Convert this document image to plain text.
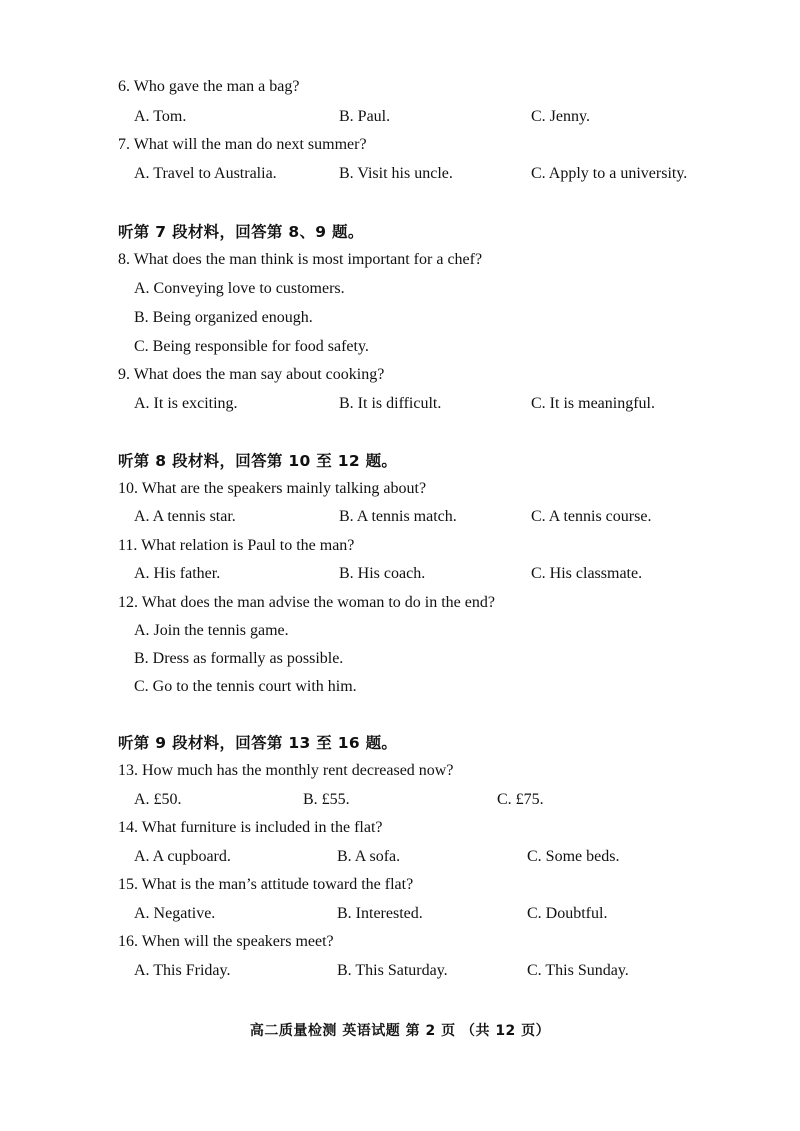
6. Who gave the man a bag?
A. Tom.	B. Paul.	C. Jenny.
7. What will the man do next summer?
A. Travel to Australia.	B. Visit his uncle.	C. Apply to a university.
听第 7 段材料，回答第 8、9 题。
8. What does the man think is most important for a chef?
A. Conveying love to customers.
B. Being organized enough.
C. Being responsible for food safety.
9. What does the man say about cooking?
A. It is exciting.	B. It is difficult.	C. It is meaningful.
听第 8 段材料，回答第 10 至 12 题。
10. What are the speakers mainly talking about?
A. A tennis star.	B. A tennis match.	C. A tennis course.
11. What relation is Paul to the man?
A. His father.	B. His coach.	C. His classmate.
12. What does the man advise the woman to do in the end?
A. Join the tennis game.
B. Dress as formally as possible.
C. Go to the tennis court with him.
听第 9 段材料，回答第 13 至 16 题。
13. How much has the monthly rent decreased now?
A. £50.	B. £55.	C. £75.
14. What furniture is included in the flat?
A. A cupboard.	B. A sofa.	C. Some beds.
15. What is the man’s attitude toward the flat?
A. Negative.	B. Interested.	C. Doubtful.
16. When will the speakers meet?
A. This Friday.	B. This Saturday.	C. This Sunday.
高二质量检测 英语试题 第 2 页 （共 12 页）
